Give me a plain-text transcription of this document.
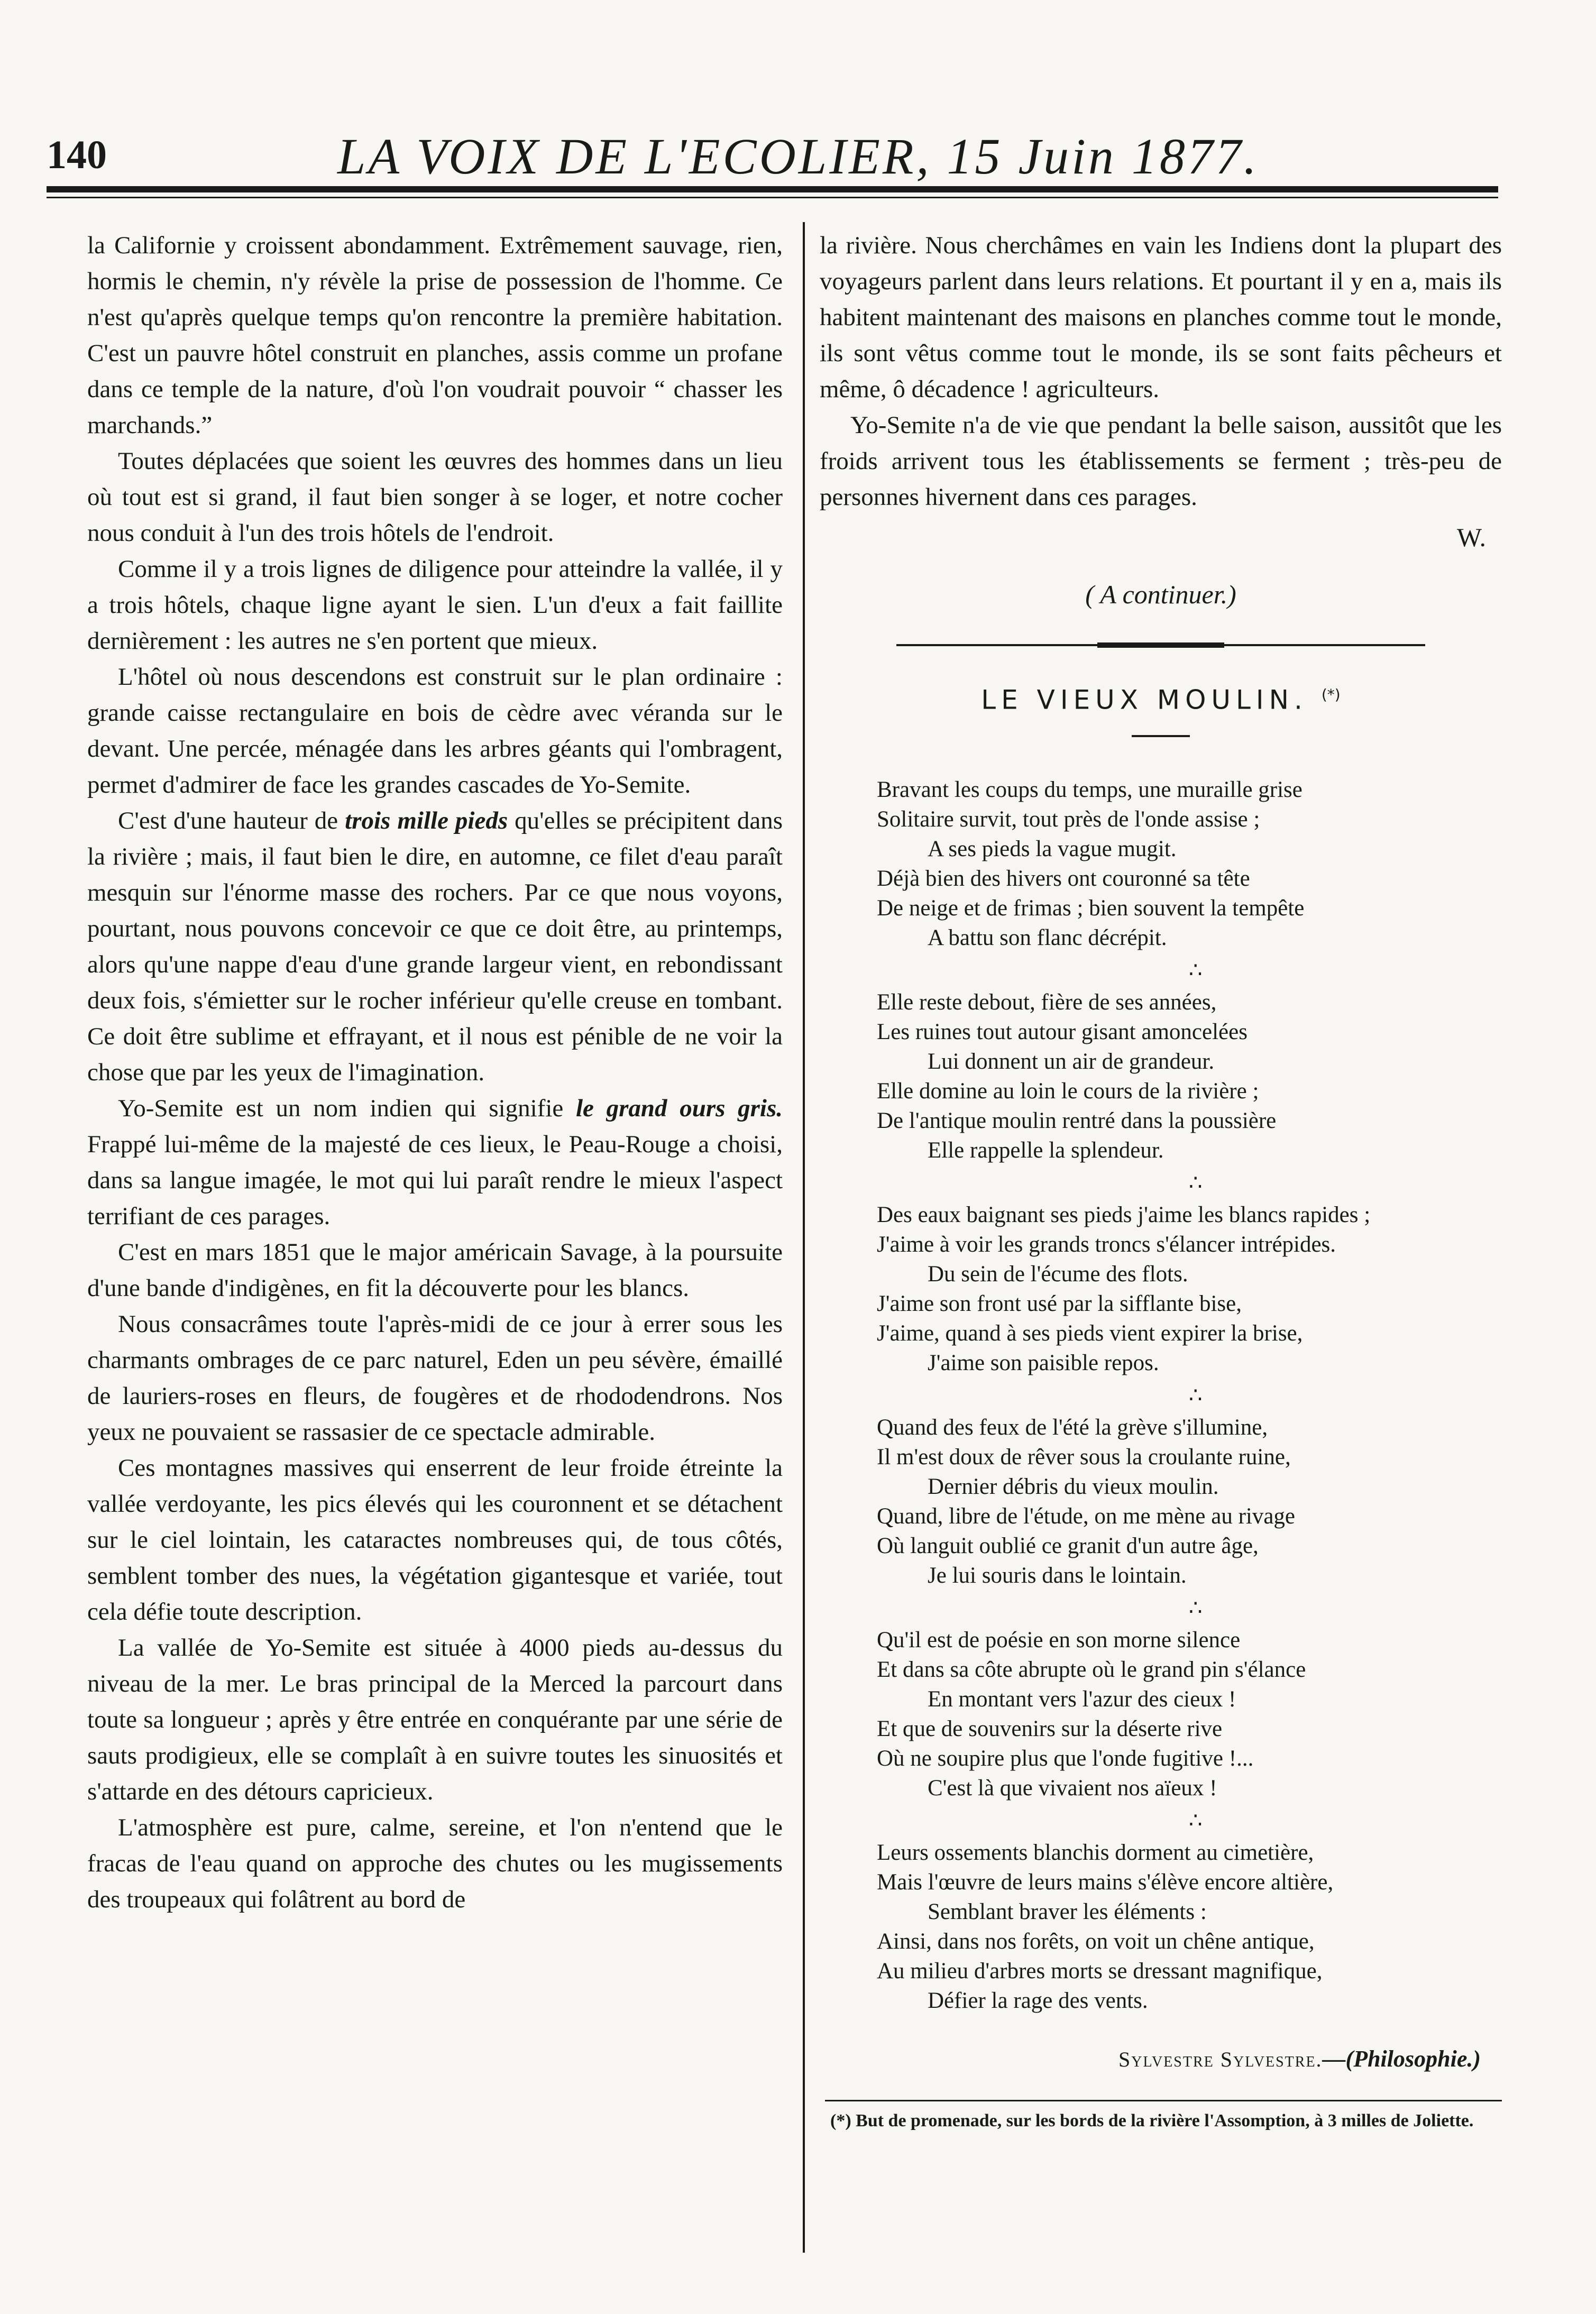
140	LA VOIX DE L'ECOLIER, 15 Juin 1877.

la Californie y croissent abondamment. Extrêmement sauvage, rien, hormis le chemin, n'y révèle la prise de possession de l'homme. Ce n'est qu'après quelque temps qu'on rencontre la première habitation. C'est un pauvre hôtel construit en planches, assis comme un profane dans ce temple de la nature, d'où l'on voudrait pouvoir “ chasser les marchands.”

Toutes déplacées que soient les œuvres des hommes dans un lieu où tout est si grand, il faut bien songer à se loger, et notre cocher nous conduit à l'un des trois hôtels de l'endroit.

Comme il y a trois lignes de diligence pour atteindre la vallée, il y a trois hôtels, chaque ligne ayant le sien. L'un d'eux a fait faillite dernièrement : les autres ne s'en portent que mieux.

L'hôtel où nous descendons est construit sur le plan ordinaire : grande caisse rectangulaire en bois de cèdre avec véranda sur le devant. Une percée, ménagée dans les arbres géants qui l'ombragent, permet d'admirer de face les grandes cascades de Yo-Semite.

C'est d'une hauteur de trois mille pieds qu'elles se précipitent dans la rivière ; mais, il faut bien le dire, en automne, ce filet d'eau paraît mesquin sur l'énorme masse des rochers. Par ce que nous voyons, pourtant, nous pouvons concevoir ce que ce doit être, au printemps, alors qu'une nappe d'eau d'une grande largeur vient, en rebondissant deux fois, s'émietter sur le rocher inférieur qu'elle creuse en tombant. Ce doit être sublime et effrayant, et il nous est pénible de ne voir la chose que par les yeux de l'imagination.

Yo-Semite est un nom indien qui signifie le grand ours gris. Frappé lui-même de la majesté de ces lieux, le Peau-Rouge a choisi, dans sa langue imagée, le mot qui lui paraît rendre le mieux l'aspect terrifiant de ces parages.

C'est en mars 1851 que le major américain Savage, à la poursuite d'une bande d'indigènes, en fit la découverte pour les blancs.

Nous consacrâmes toute l'après-midi de ce jour à errer sous les charmants ombrages de ce parc naturel, Eden un peu sévère, émaillé de lauriers-roses en fleurs, de fougères et de rhododendrons. Nos yeux ne pouvaient se rassasier de ce spectacle admirable.

Ces montagnes massives qui enserrent de leur froide étreinte la vallée verdoyante, les pics élevés qui les couronnent et se détachent sur le ciel lointain, les cataractes nombreuses qui, de tous côtés, semblent tomber des nues, la végétation gigantesque et variée, tout cela défie toute description.

La vallée de Yo-Semite est située à 4000 pieds au-dessus du niveau de la mer. Le bras principal de la Merced la parcourt dans toute sa longueur ; après y être entrée en conquérante par une série de sauts prodigieux, elle se complaît à en suivre toutes les sinuosités et s'attarde en des détours capricieux.

L'atmosphère est pure, calme, sereine, et l'on n'entend que le fracas de l'eau quand on approche des chutes ou les mugissements des troupeaux qui folâtrent au bord de

la rivière. Nous cherchâmes en vain les Indiens dont la plupart des voyageurs parlent dans leurs relations. Et pourtant il y en a, mais ils habitent maintenant des maisons en planches comme tout le monde, ils sont vêtus comme tout le monde, ils se sont faits pêcheurs et même, ô décadence ! agriculteurs.

Yo-Semite n'a de vie que pendant la belle saison, aussitôt que les froids arrivent tous les établissements se ferment ; très-peu de personnes hivernent dans ces parages.

W.
( A continuer.)
LE VIEUX MOULIN. (*)
Bravant les coups du temps, une muraille grise
Solitaire survit, tout près de l'onde assise ;
A ses pieds la vague mugit.
Déjà bien des hivers ont couronné sa tête
De neige et de frimas ; bien souvent la tempête
A battu son flanc décrépit.
∴
Elle reste debout, fière de ses années,
Les ruines tout autour gisant amoncelées
Lui donnent un air de grandeur.
Elle domine au loin le cours de la rivière ;
De l'antique moulin rentré dans la poussière
Elle rappelle la splendeur.
∴
Des eaux baignant ses pieds j'aime les blancs rapides ;
J'aime à voir les grands troncs s'élancer intrépides.
Du sein de l'écume des flots.
J'aime son front usé par la sifflante bise,
J'aime, quand à ses pieds vient expirer la brise,
J'aime son paisible repos.
∴
Quand des feux de l'été la grève s'illumine,
Il m'est doux de rêver sous la croulante ruine,
Dernier débris du vieux moulin.
Quand, libre de l'étude, on me mène au rivage
Où languit oublié ce granit d'un autre âge,
Je lui souris dans le lointain.
∴
Qu'il est de poésie en son morne silence
Et dans sa côte abrupte où le grand pin s'élance
En montant vers l'azur des cieux !
Et que de souvenirs sur la déserte rive
Où ne soupire plus que l'onde fugitive !...
C'est là que vivaient nos aïeux !
∴
Leurs ossements blanchis dorment au cimetière,
Mais l'œuvre de leurs mains s'élève encore altière,
Semblant braver les éléments :
Ainsi, dans nos forêts, on voit un chêne antique,
Au milieu d'arbres morts se dressant magnifique,
Défier la rage des vents.
Sylvestre Sylvestre.—(Philosophie.)
(*) But de promenade, sur les bords de la rivière l'Assomption, à 3 milles de Joliette.
